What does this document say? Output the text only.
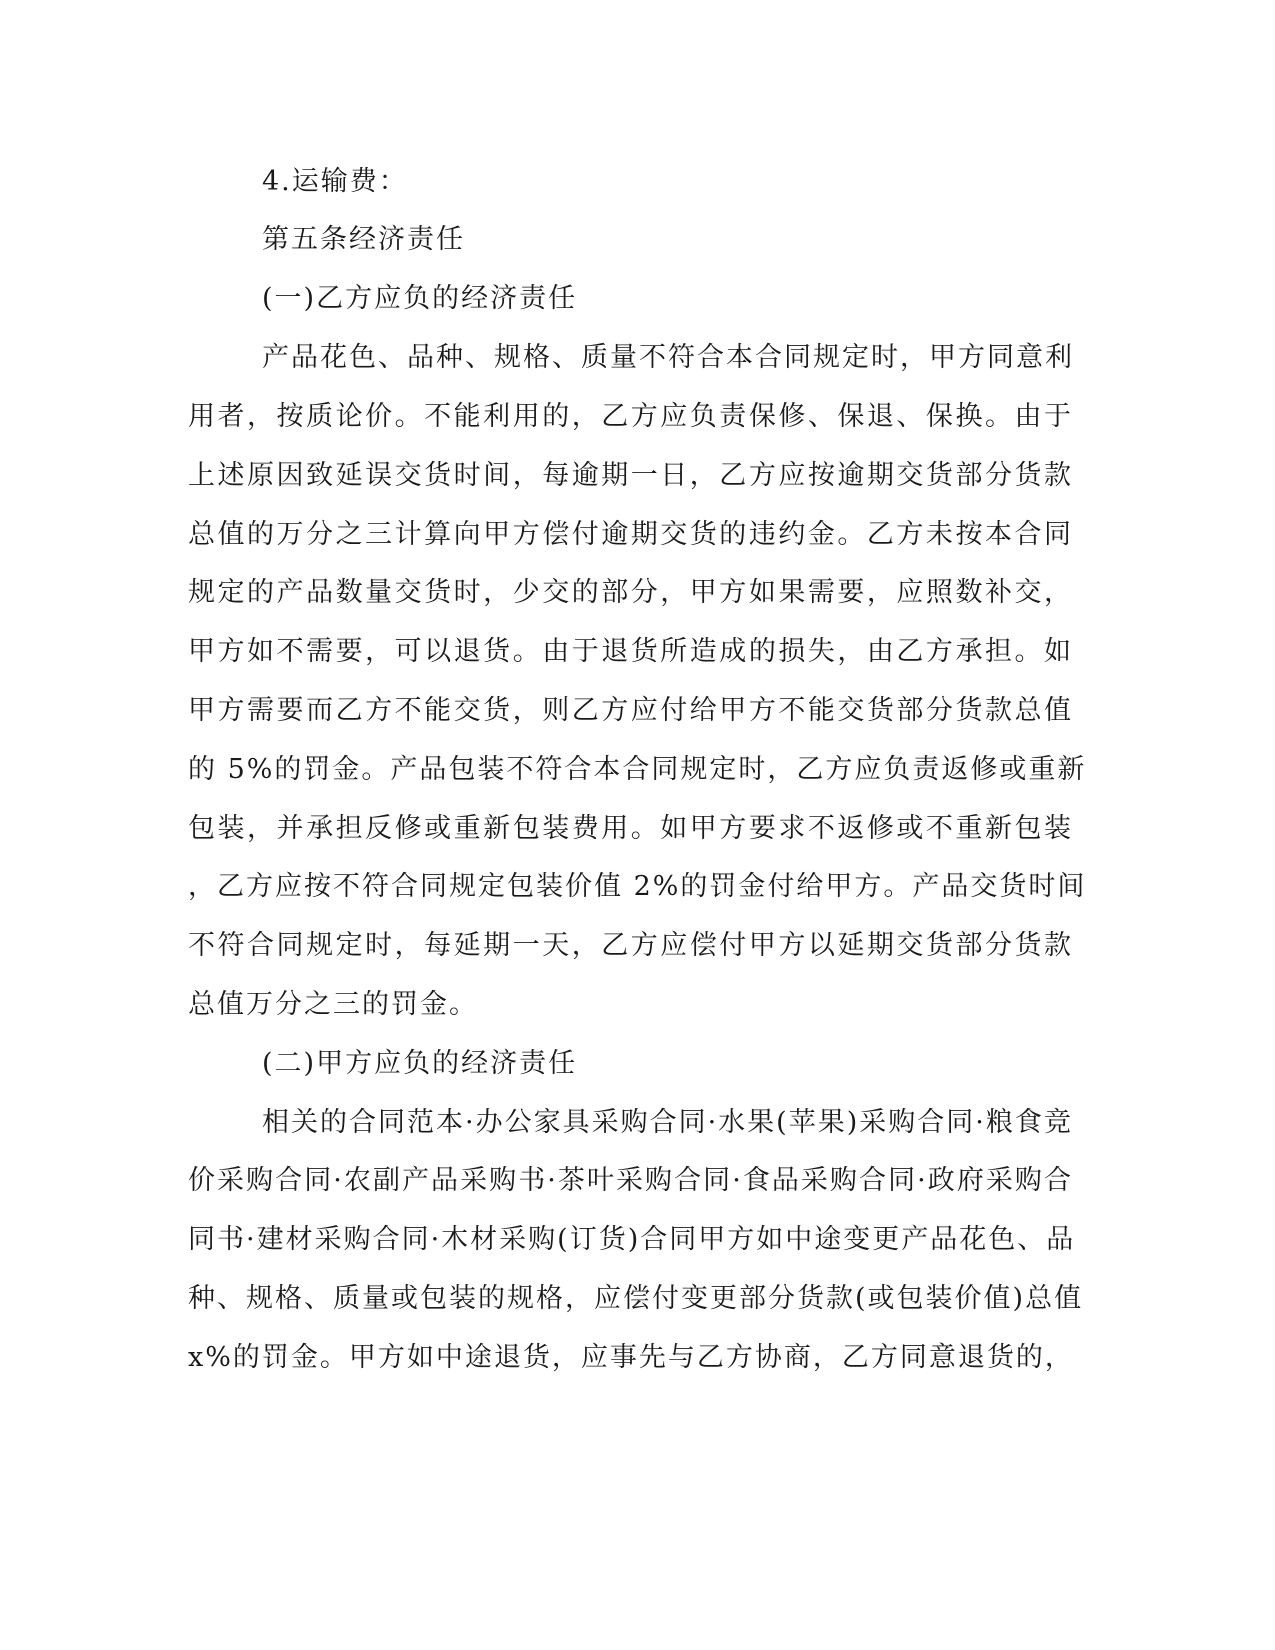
4.运输费：

第五条经济责任

(一)乙方应负的经济责任

产品花色、品种、规格、质量不符合本合同规定时，甲方同意利

用者，按质论价。不能利用的，乙方应负责保修、保退、保换。由于

上述原因致延误交货时间，每逾期一日，乙方应按逾期交货部分货款

总值的万分之三计算向甲方偿付逾期交货的违约金。乙方未按本合同

规定的产品数量交货时，少交的部分，甲方如果需要，应照数补交，

甲方如不需要，可以退货。由于退货所造成的损失，由乙方承担。如

甲方需要而乙方不能交货，则乙方应付给甲方不能交货部分货款总值

的 5%的罚金。产品包装不符合本合同规定时，乙方应负责返修或重新

包装，并承担反修或重新包装费用。如甲方要求不返修或不重新包装

，乙方应按不符合同规定包装价值 2%的罚金付给甲方。产品交货时间

不符合同规定时，每延期一天，乙方应偿付甲方以延期交货部分货款

总值万分之三的罚金。

(二)甲方应负的经济责任

相关的合同范本·办公家具采购合同·水果(苹果)采购合同·粮食竞

价采购合同·农副产品采购书·茶叶采购合同·食品采购合同·政府采购合

同书·建材采购合同·木材采购(订货)合同甲方如中途变更产品花色、品

种、规格、质量或包装的规格，应偿付变更部分货款(或包装价值)总值

x%的罚金。甲方如中途退货，应事先与乙方协商，乙方同意退货的，
